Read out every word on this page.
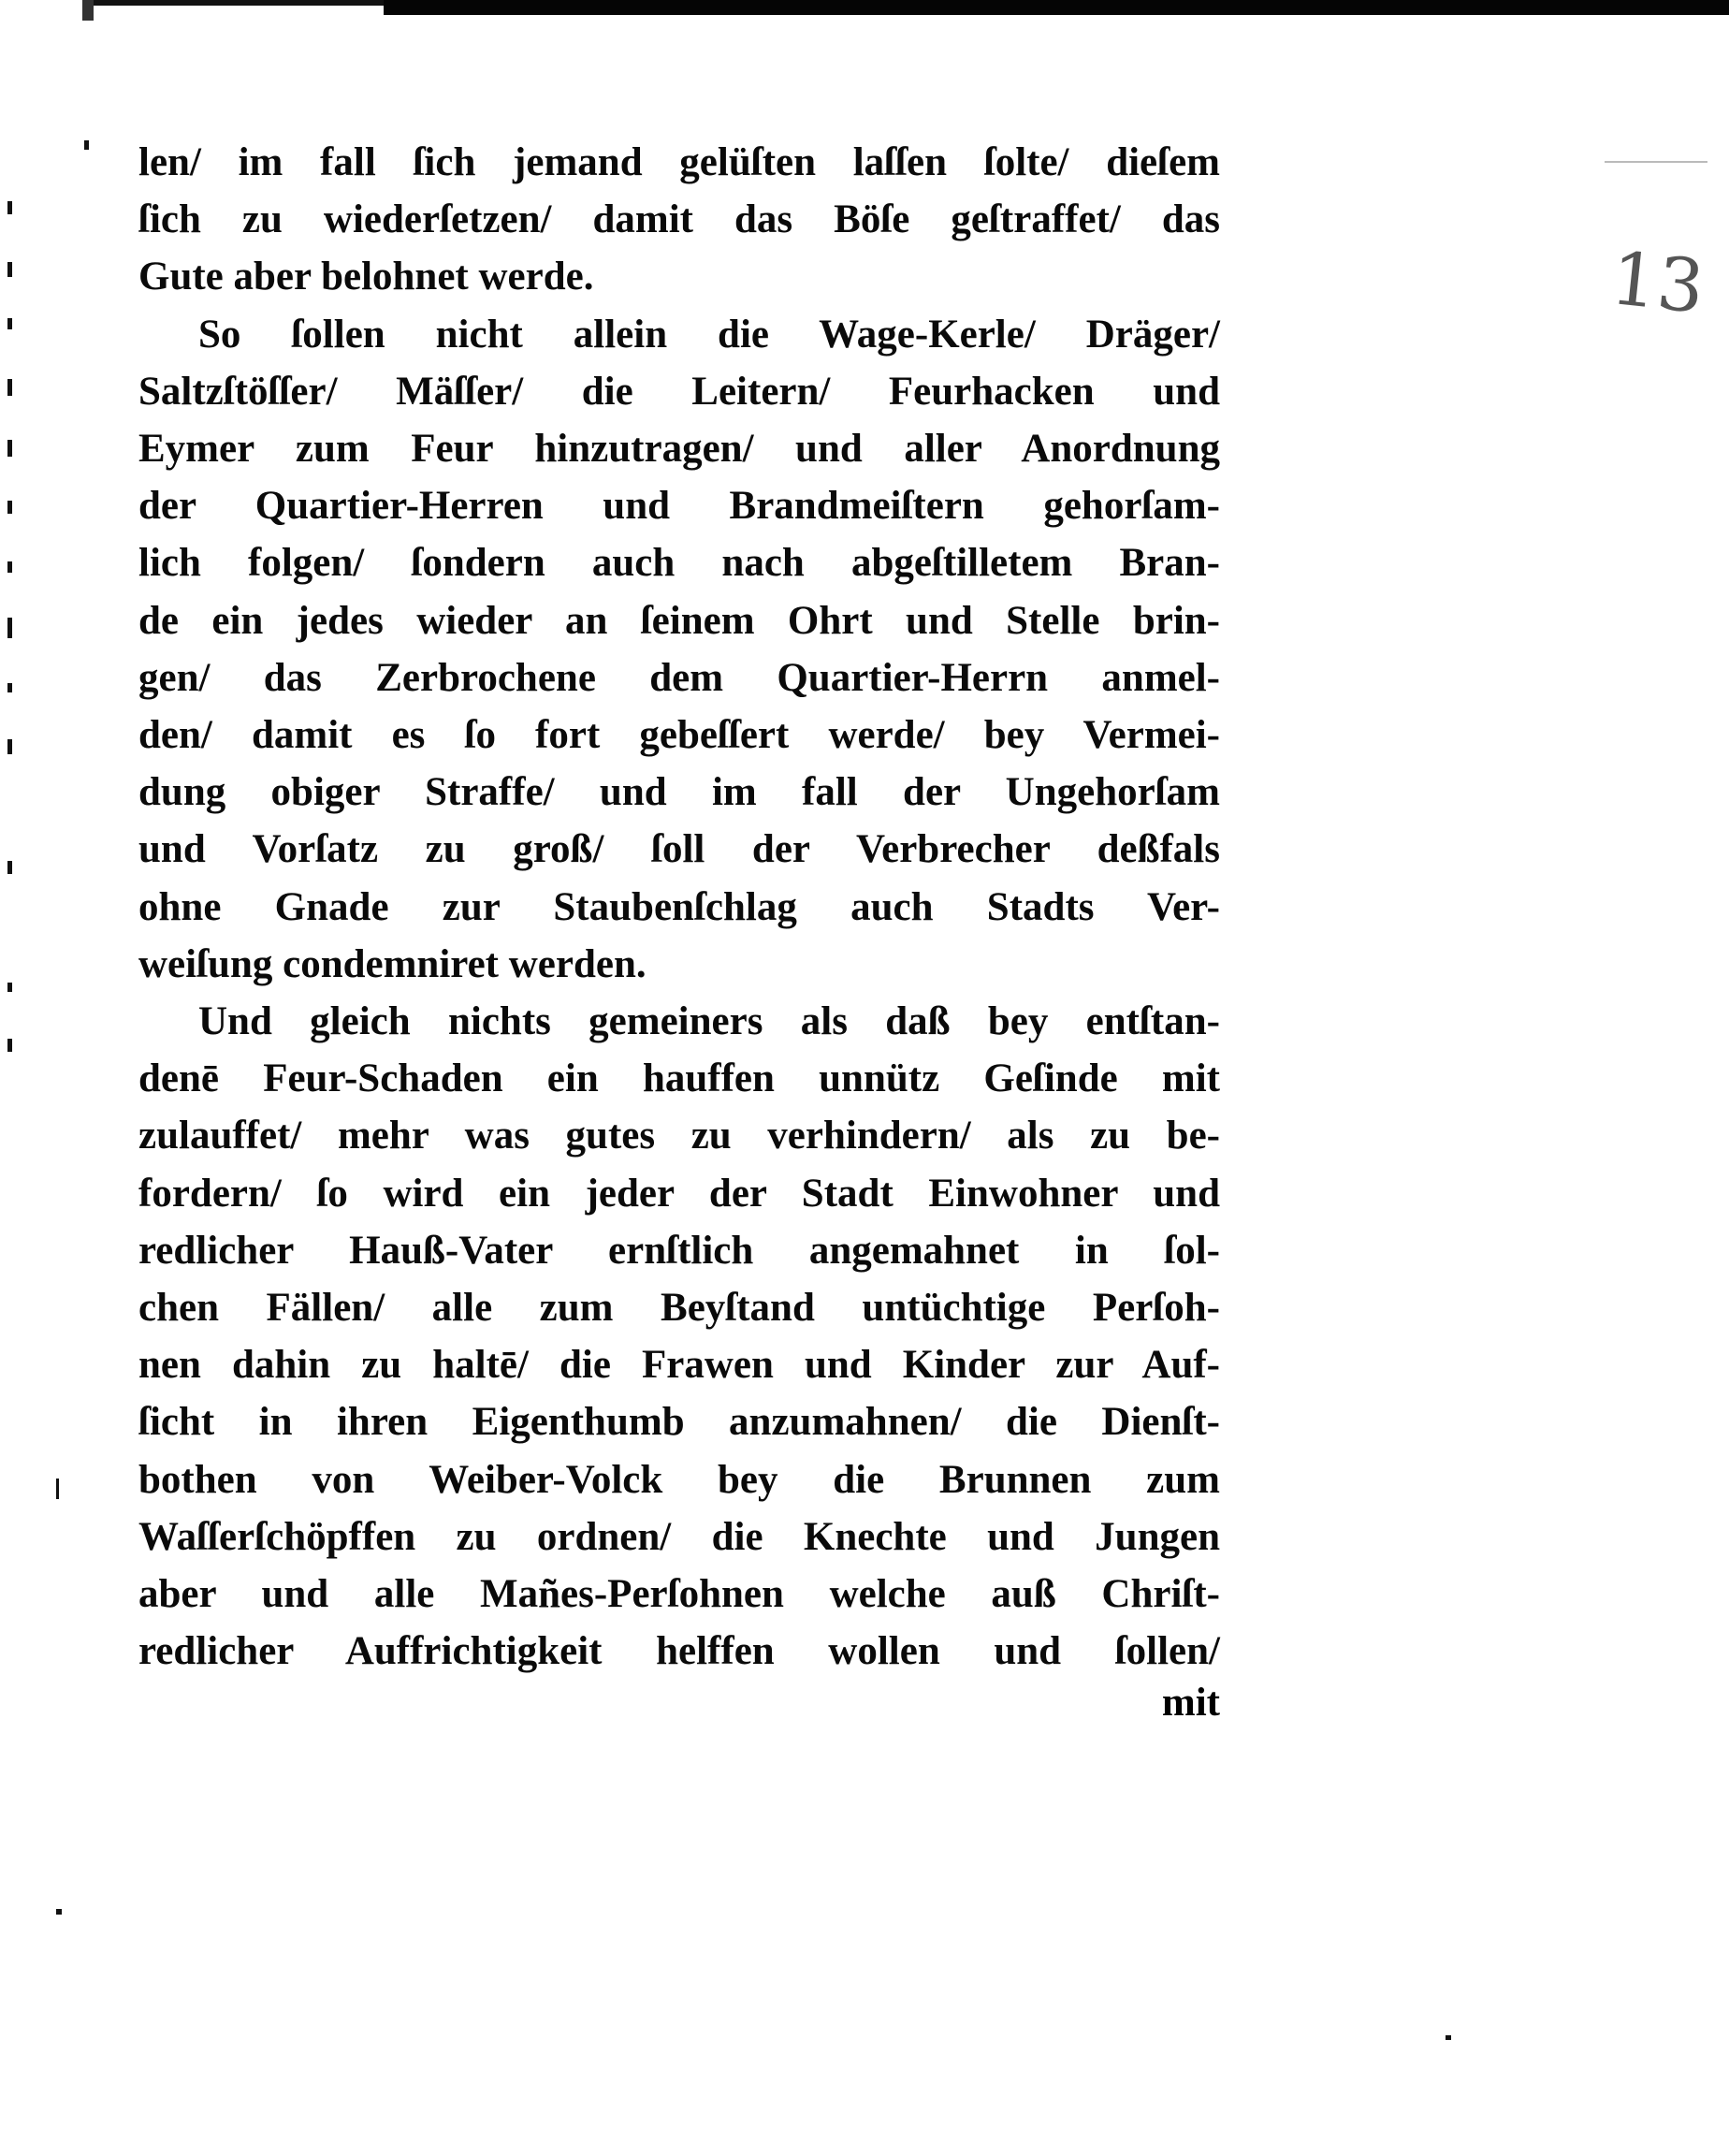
13
len/ im fall ſich jemand gelüſten laſſen ſolte/ dieſem
ſich zu wiederſetzen/ damit das Böſe geſtraffet/ das
Gute aber belohnet werde.
So ſollen nicht allein die Wage-Kerle/ Dräger/
Saltzſtöſſer/ Mäſſer/ die Leitern/ Feurhacken und
Eymer zum Feur hinzutragen/ und aller Anordnung
der Quartier-Herren und Brandmeiſtern gehorſam-
lich folgen/ ſondern auch nach abgeſtilletem Bran-
de ein jedes wieder an ſeinem Ohrt und Stelle brin-
gen/ das Zerbrochene dem Quartier-Herrn anmel-
den/ damit es ſo fort gebeſſert werde/ bey Vermei-
dung obiger Straffe/ und im fall der Ungehorſam
und Vorſatz zu groß/ ſoll der Verbrecher deßfals
ohne Gnade zur Staubenſchlag auch Stadts Ver-
weiſung condemniret werden.
Und gleich nichts gemeiners als daß bey entſtan-
denē Feur-Schaden ein hauffen unnütz Geſinde mit
zulauffet/ mehr was gutes zu verhindern/ als zu be-
fordern/ ſo wird ein jeder der Stadt Einwohner und
redlicher Hauß-Vater ernſtlich angemahnet in ſol-
chen Fällen/ alle zum Beyſtand untüchtige Perſoh-
nen dahin zu haltē/ die Frawen und Kinder zur Auf-
ſicht in ihren Eigenthumb anzumahnen/ die Dienſt-
bothen von Weiber-Volck bey die Brunnen zum
Waſſerſchöpffen zu ordnen/ die Knechte und Jungen
aber und alle Mañes-Perſohnen welche auß Chriſt-
redlicher Auffrichtigkeit helffen wollen und ſollen/
mit
